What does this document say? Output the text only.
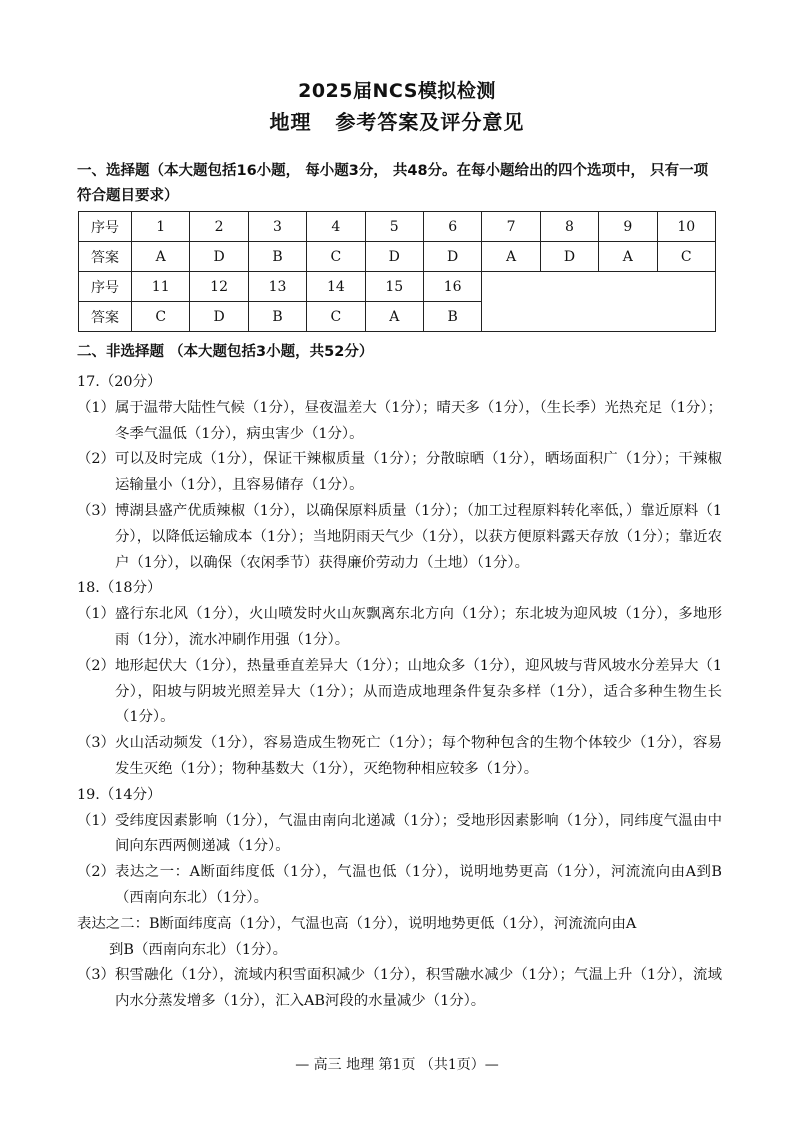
2025届NCS模拟检测
地理   参考答案及评分意见
一、选择题（本大题包括16小题， 每小题3分， 共48分。在每小题给出的四个选项中， 只有一项符合题目要求）
序号	1	2	3	4	5	6	7	8	9	10
答案	A	D	B	C	D	D	A	D	A	C
序号	11	12	13	14	15	16				
答案	C	D	B	C	A	B				
二、非选择题 （本大题包括3小题，共52分）

17.（20分）

（1） 属于温带大陆性气候（1分），昼夜温差大（1分）；晴天多（1分），（生长季）光热充足（1分）；冬季气温低（1分），病虫害少（1分）。
（2） 可以及时完成（1分），保证干辣椒质量（1分）；分散晾晒（1分），晒场面积广（1分）；干辣椒运输量小（1分），且容易储存（1分）。
（3） 博湖县盛产优质辣椒（1分），以确保原料质量（1分）；（加工过程原料转化率低，）靠近原料（1分），以降低运输成本（1分）；当地阴雨天气少（1分），以获方便原料露天存放（1分）；靠近农户（1分），以确保（农闲季节）获得廉价劳动力（土地）（1分）。

18.（18分）

（1） 盛行东北风（1分），火山喷发时火山灰飘离东北方向（1分）；东北坡为迎风坡（1分），多地形雨（1分），流水冲刷作用强（1分）。
（2） 地形起伏大（1分），热量垂直差异大（1分）；山地众多（1分），迎风坡与背风坡水分差异大（1分），阳坡与阴坡光照差异大（1分）；从而造成地理条件复杂多样（1分），适合多种生物生长（1分）。
（3） 火山活动频发（1分），容易造成生物死亡（1分）；每个物种包含的生物个体较少（1分），容易发生灭绝（1分）；物种基数大（1分），灭绝物种相应较多（1分）。

19.（14分）

（1） 受纬度因素影响（1分），气温由南向北递减（1分）；受地形因素影响（1分），同纬度气温由中间向东西两侧递减（1分）。
（2） 表达之一：A断面纬度低（1分），气温也低（1分），说明地势更高（1分），河流流向由A到B（西南向东北）（1分）。
表达之二：B断面纬度高（1分），气温也高（1分），说明地势更低（1分），河流流向由A
到B（西南向东北）（1分）。
（3） 积雪融化（1分），流域内积雪面积减少（1分），积雪融水减少（1分）；气温上升（1分），流域内水分蒸发增多（1分），汇入AB河段的水量减少（1分）。
— 高三 地理 第1页 （共1页）—
